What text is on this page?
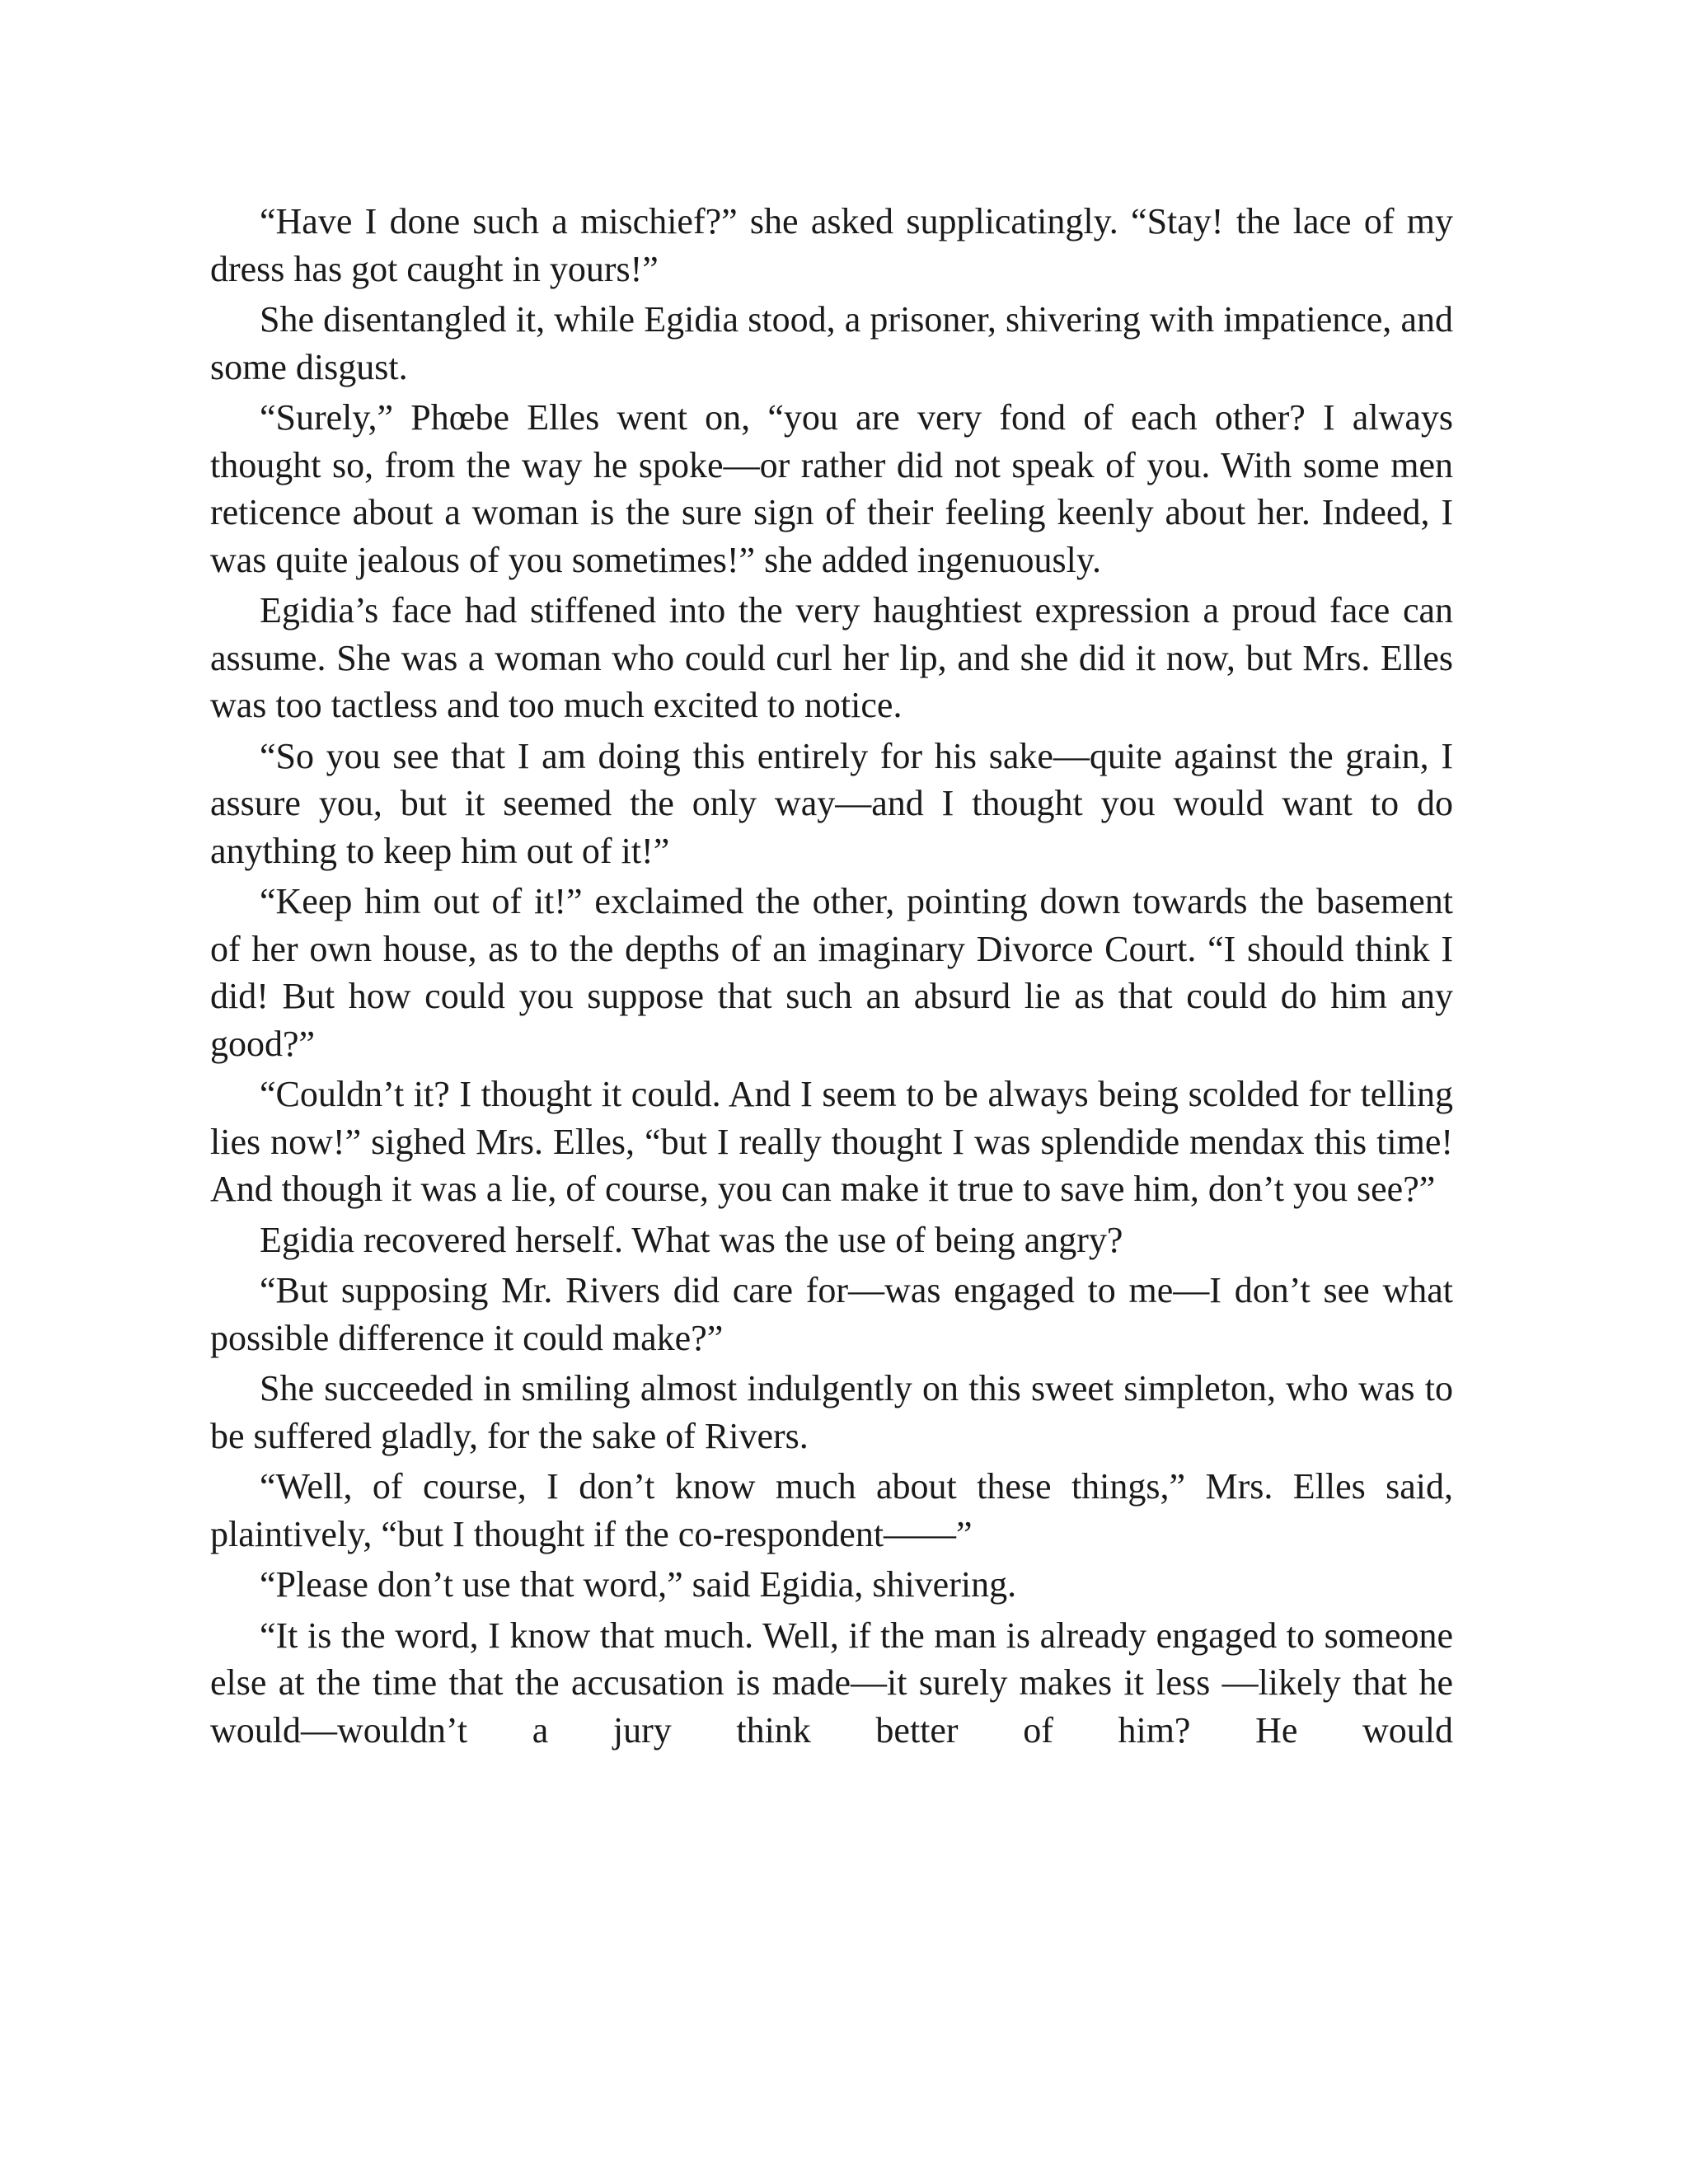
“Have I done such a mischief?” she asked supplicatingly. “Stay! the lace of my dress has got caught in yours!”

She disentangled it, while Egidia stood, a prisoner, shivering with impatience, and some disgust.

“Surely,” Phœbe Elles went on, “you are very fond of each other? I always thought so, from the way he spoke—or rather did not speak of you. With some men reticence about a woman is the sure sign of their feeling keenly about her. Indeed, I was quite jealous of you sometimes!” she added ingenuously.

Egidia’s face had stiffened into the very haughtiest expression a proud face can assume. She was a woman who could curl her lip, and she did it now, but Mrs. Elles was too tactless and too much excited to notice.

“So you see that I am doing this entirely for his sake—quite against the grain, I assure you, but it seemed the only way—and I thought you would want to do anything to keep him out of it!”

“Keep him out of it!” exclaimed the other, pointing down towards the basement of her own house, as to the depths of an imaginary Divorce Court. “I should think I did! But how could you suppose that such an absurd lie as that could do him any good?”

“Couldn’t it? I thought it could. And I seem to be always being scolded for telling lies now!” sighed Mrs. Elles, “but I really thought I was splendide mendax this time! And though it was a lie, of course, you can make it true to save him, don’t you see?”

Egidia recovered herself. What was the use of being angry?

“But supposing Mr. Rivers did care for—was engaged to me—I don’t see what possible difference it could make?”

She succeeded in smiling almost indulgently on this sweet simpleton, who was to be suffered gladly, for the sake of Rivers.

“Well, of course, I don’t know much about these things,” Mrs. Elles said, plaintively, “but I thought if the co-respondent——”

“Please don’t use that word,” said Egidia, shivering.

“It is the word, I know that much. Well, if the man is already engaged to someone else at the time that the accusation is made—it surely makes it less —likely that he would—wouldn’t a jury think better of him? He would
